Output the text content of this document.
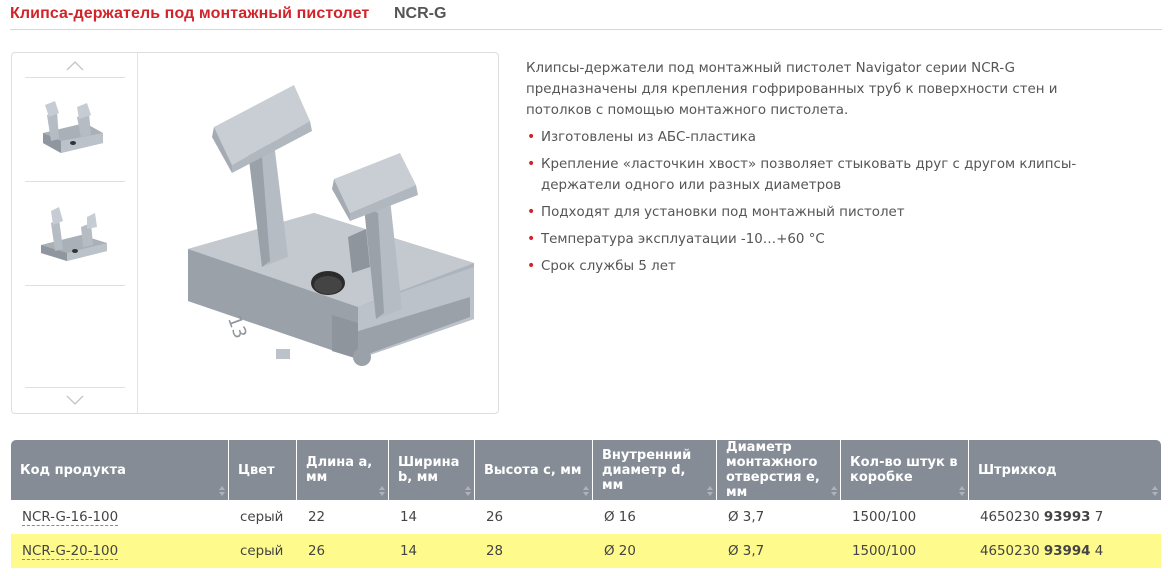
Клипса-держатель под монтажный пистолет NCR-G
13

Клипсы-держатели под монтажный пистолет Navigator серии NCR-G предназначены для крепления гофрированных труб к поверхности стен и потолков с помощью монтажного пистолета.

• Изготовлены из АБС-пластика
• Крепление «ласточкин хвост» позволяет стыковать друг с другом клипсы-держатели одного или разных диаметров
• Подходят для установки под монтажный пистолет
• Температура эксплуатации -10…+60 °С
• Срок службы 5 лет
Код продукта	Цвет	Длина a, мм	Ширина b, мм	Высота c, мм	Внутренний диаметр d, мм	Диаметр монтажного отверстия e, мм	Кол-во штук в коробке	Штрихкод

NCR-G-16-100	серый	22	14	26	Ø 16	Ø 3,7	1500/100	4650230 93993 7
NCR-G-20-100	серый	26	14	28	Ø 20	Ø 3,7	1500/100	4650230 93994 4
